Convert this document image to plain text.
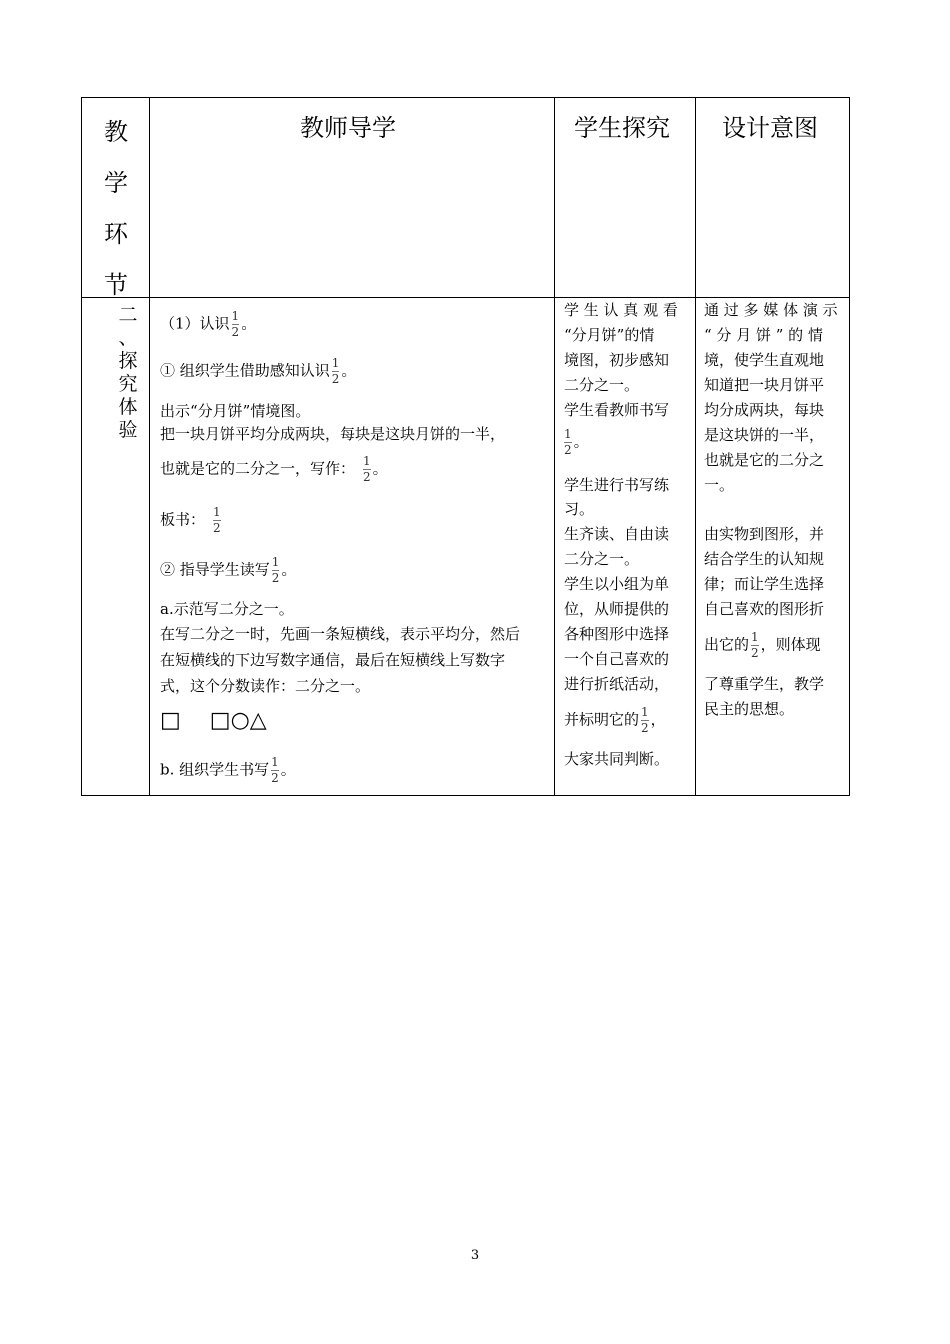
教
学
环
节
教师导学	学生探究 设计意图
二
、
探
究
体
验
（1）认识 $\frac{1}{2}$ 。
① 组织学生借助感知认识 $\frac{1}{2}$ 。
出示“分月饼”情境图。
把一块月饼平均分成两块，每块是这块月饼的一半，
也就是它的二分之一，写作： $\frac{1}{2}$ 。
板书： $\frac{1}{2}$
② 指导学生读写 $\frac{1}{2}$ 。
a.示范写二分之一。
在写二分之一时，先画一条短横线，表示平均分，然后
在短横线的下边写数字通信，最后在短横线上写数字
式，这个分数读作：二分之一。
□　 □○△
b. 组织学生书写 $\frac{1}{2}$ 。
学 生 认 真 观 看
“分月饼”的情
境图，初步感知
二分之一。
学生看教师书写
$\frac{1}{2}$ 。
学生进行书写练
习。
生齐读、自由读
二分之一。
学生以小组为单
位，从师提供的
各种图形中选择
一个自己喜欢的
进行折纸活动，
并标明它的 $\frac{1}{2}$ ，
大家共同判断。
通 过 多 媒 体 演 示
“ 分 月 饼 ” 的 情
境，使学生直观地
知道把一块月饼平
均分成两块，每块
是这块饼的一半，
也就是它的二分之
一。
由实物到图形，并
结合学生的认知规
律；而让学生选择
自己喜欢的图形折
出它的 $\frac{1}{2}$ ，则体现
了尊重学生，教学
民主的思想。
3
